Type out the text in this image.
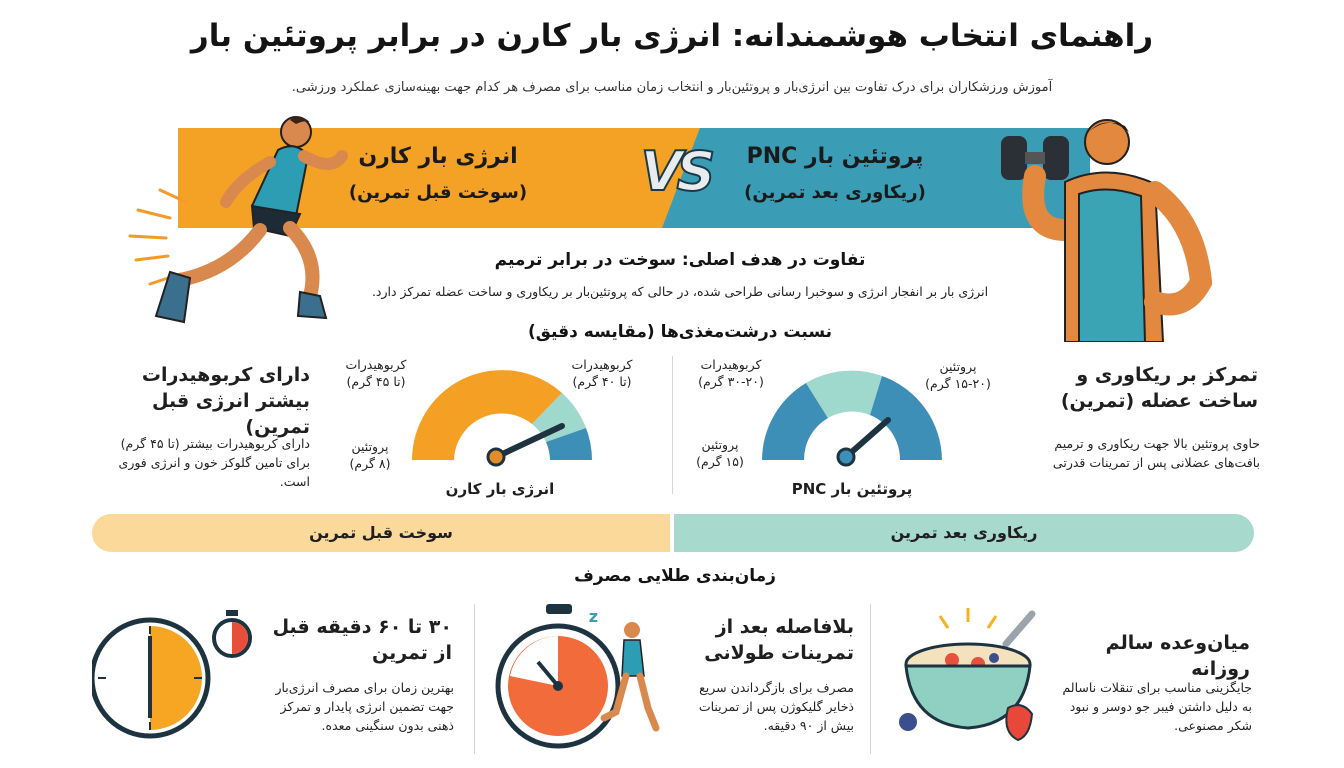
راهنمای انتخاب هوشمندانه: انرژی بار کارن در برابر پروتئین بار
آموزش ورزشکاران برای درک تفاوت بین انرژی‌بار و پروتئین‌بار و انتخاب زمان مناسب برای مصرف هر کدام جهت بهینه‌سازی عملکرد ورزشی.
انرژی بار کارن
(سوخت قبل تمرین)
پروتئین بار PNC
(ریکاوری بعد تمرین)
VS
تفاوت در هدف اصلی: سوخت در برابر ترمیم
انرژی بار بر انفجار انرژی و سوخبرا رسانی طراحی شده، در حالی که پروتئین‌بار بر ریکاوری و ساخت عضله تمرکز دارد.
نسبت درشت‌مغذی‌ها (مقایسه دقیق)
دارای کربوهیدرات بیشتر انرژی قبل تمرین)
دارای کربوهیدرات بیشتر (تا ۴۵ گرم) برای تامین گلوکز خون و انرژی فوری است.
تمرکز بر ریکاوری و ساخت عضله (تمرین)
حاوی پروتئین بالا جهت ریکاوری و ترمیم بافت‌های عضلانی پس از تمرینات قدرتی
انرژی بار کارن
کربوهیدرات
(تا ۴۵ گرم)
کربوهیدرات
(تا ۴۰ گرم)
پروتئین
(۸ گرم)
پروتئین بار PNC
کربوهیدرات
(۳۰-۲۰ گرم)
پروتئین
(۱۵-۲۰ گرم)
پروتئین
(۱۵ گرم)
سوخت قبل تمرین	ریکاوری بعد تمرین
زمان‌بندی طلایی مصرف
۳۰ تا ۶۰ دقیقه قبل از تمرین
بهترین زمان برای مصرف انرژی‌بار جهت تضمین انرژی پایدار و تمرکز ذهنی بدون سنگینی معده.
z	بلافاصله بعد از تمرینات طولانی
مصرف برای بازگرداندن سریع ذخایر گلیکوژن پس از تمرینات بیش از ۹۰ دقیقه.
میان‌وعده سالم روزانه
جایگزینی مناسب برای تنقلات ناسالم به دلیل داشتن فیبر جو دوسر و نبود شکر مصنوعی.
